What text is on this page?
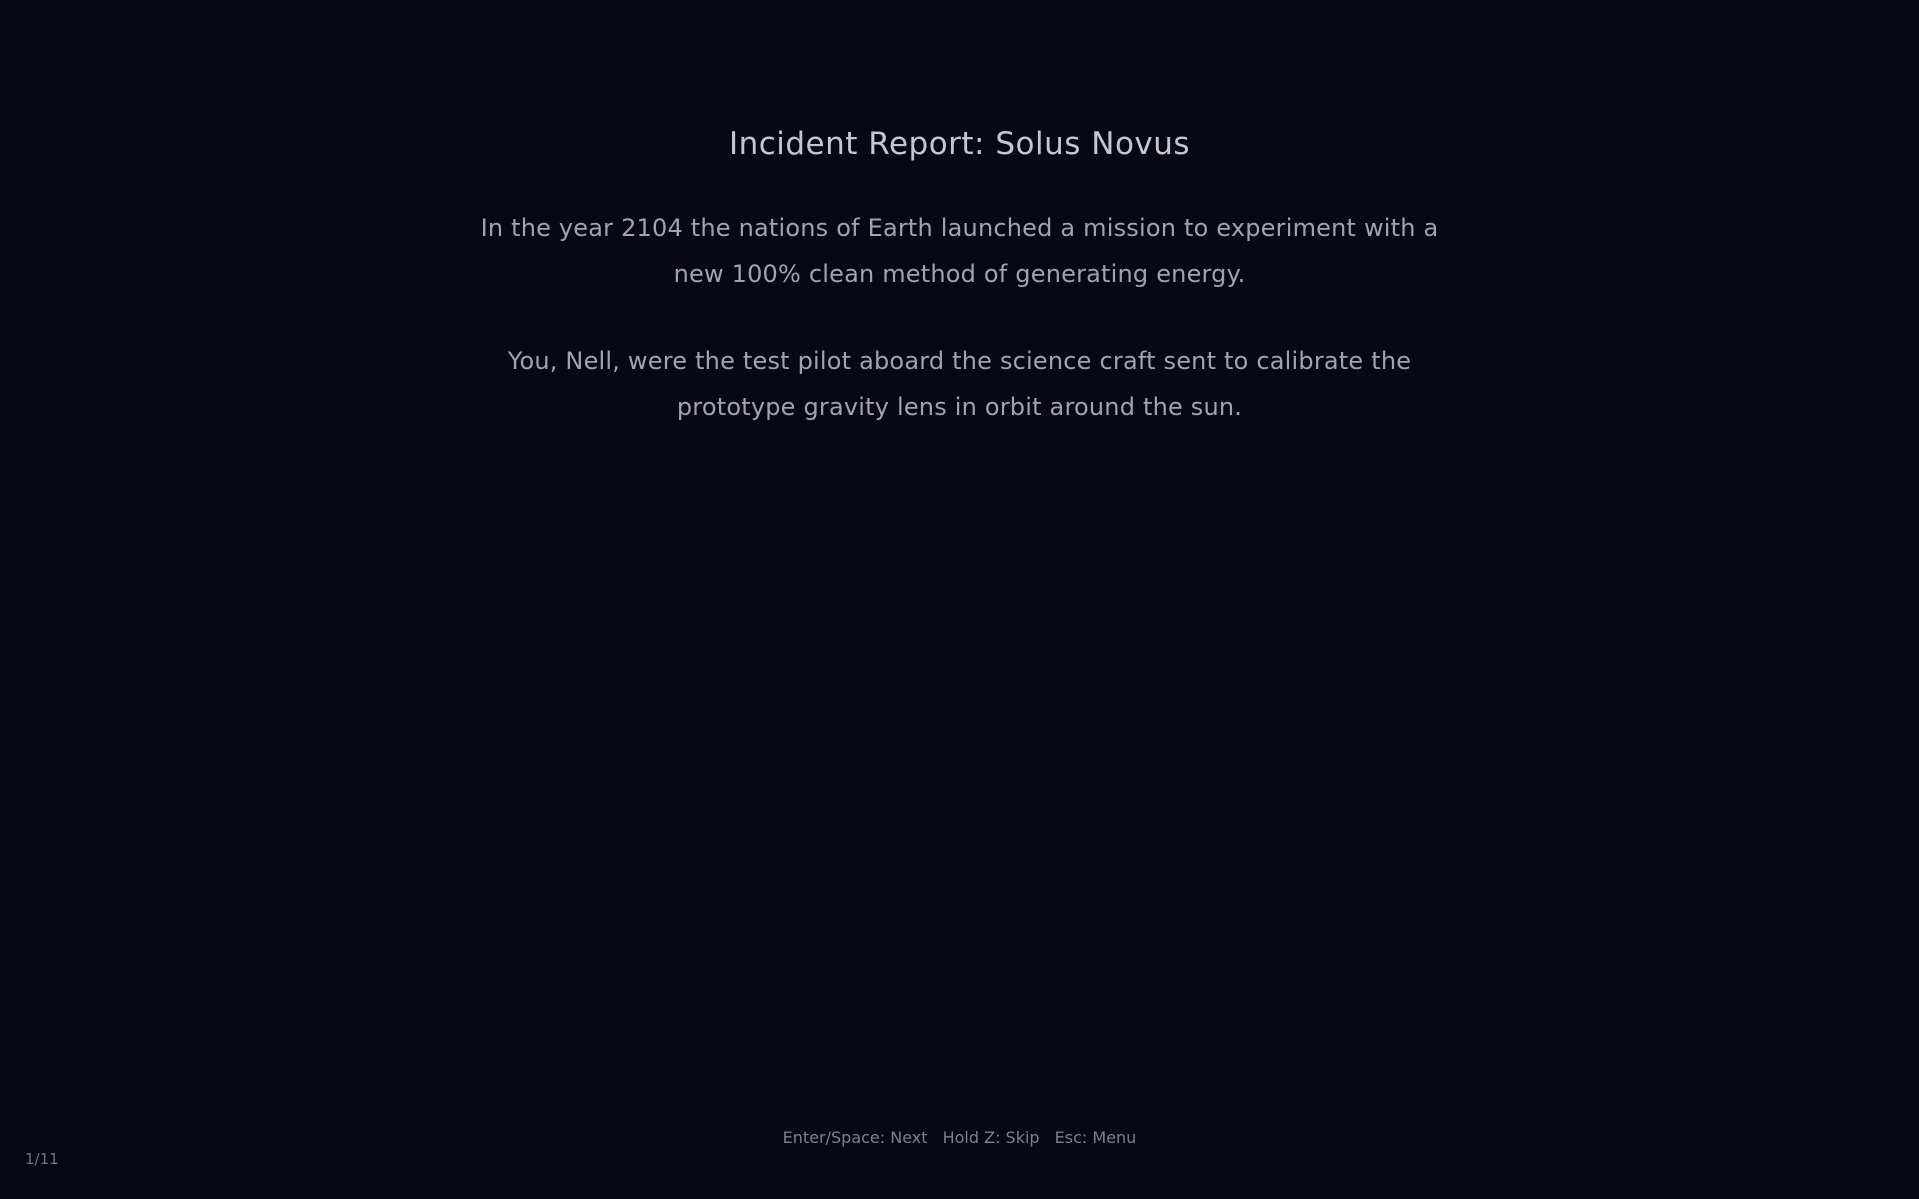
Incident Report: Solus Novus

In the year 2104 the nations of Earth launched a mission to experiment with a new 100% clean method of generating energy.

You, Nell, were the test pilot aboard the science craft sent to calibrate the prototype gravity lens in orbit around the sun.

Enter/Space: Next Hold Z: Skip Esc: Menu
1/11
